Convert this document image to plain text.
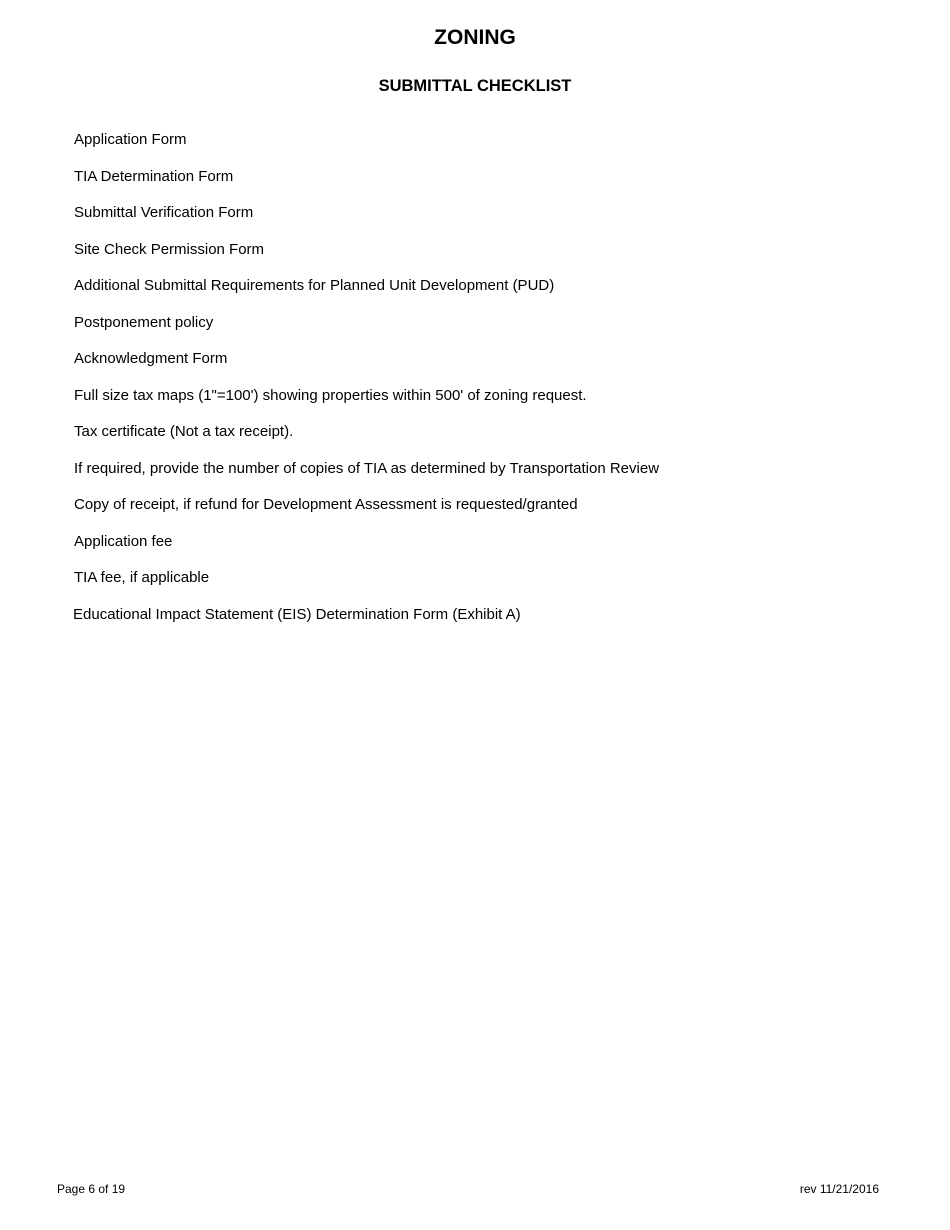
ZONING
SUBMITTAL CHECKLIST
Application Form
TIA Determination Form
Submittal Verification Form
Site Check Permission Form
Additional Submittal Requirements for Planned Unit Development (PUD)
Postponement policy
Acknowledgment Form
Full size tax maps (1"=100') showing properties within 500' of zoning request.
Tax certificate (Not a tax receipt).
If required, provide the number of copies of TIA as determined by Transportation Review
Copy of receipt, if refund for Development Assessment is requested/granted
Application fee
TIA fee, if applicable
Educational Impact Statement (EIS) Determination Form (Exhibit A)
Page 6 of 19	rev 11/21/2016
